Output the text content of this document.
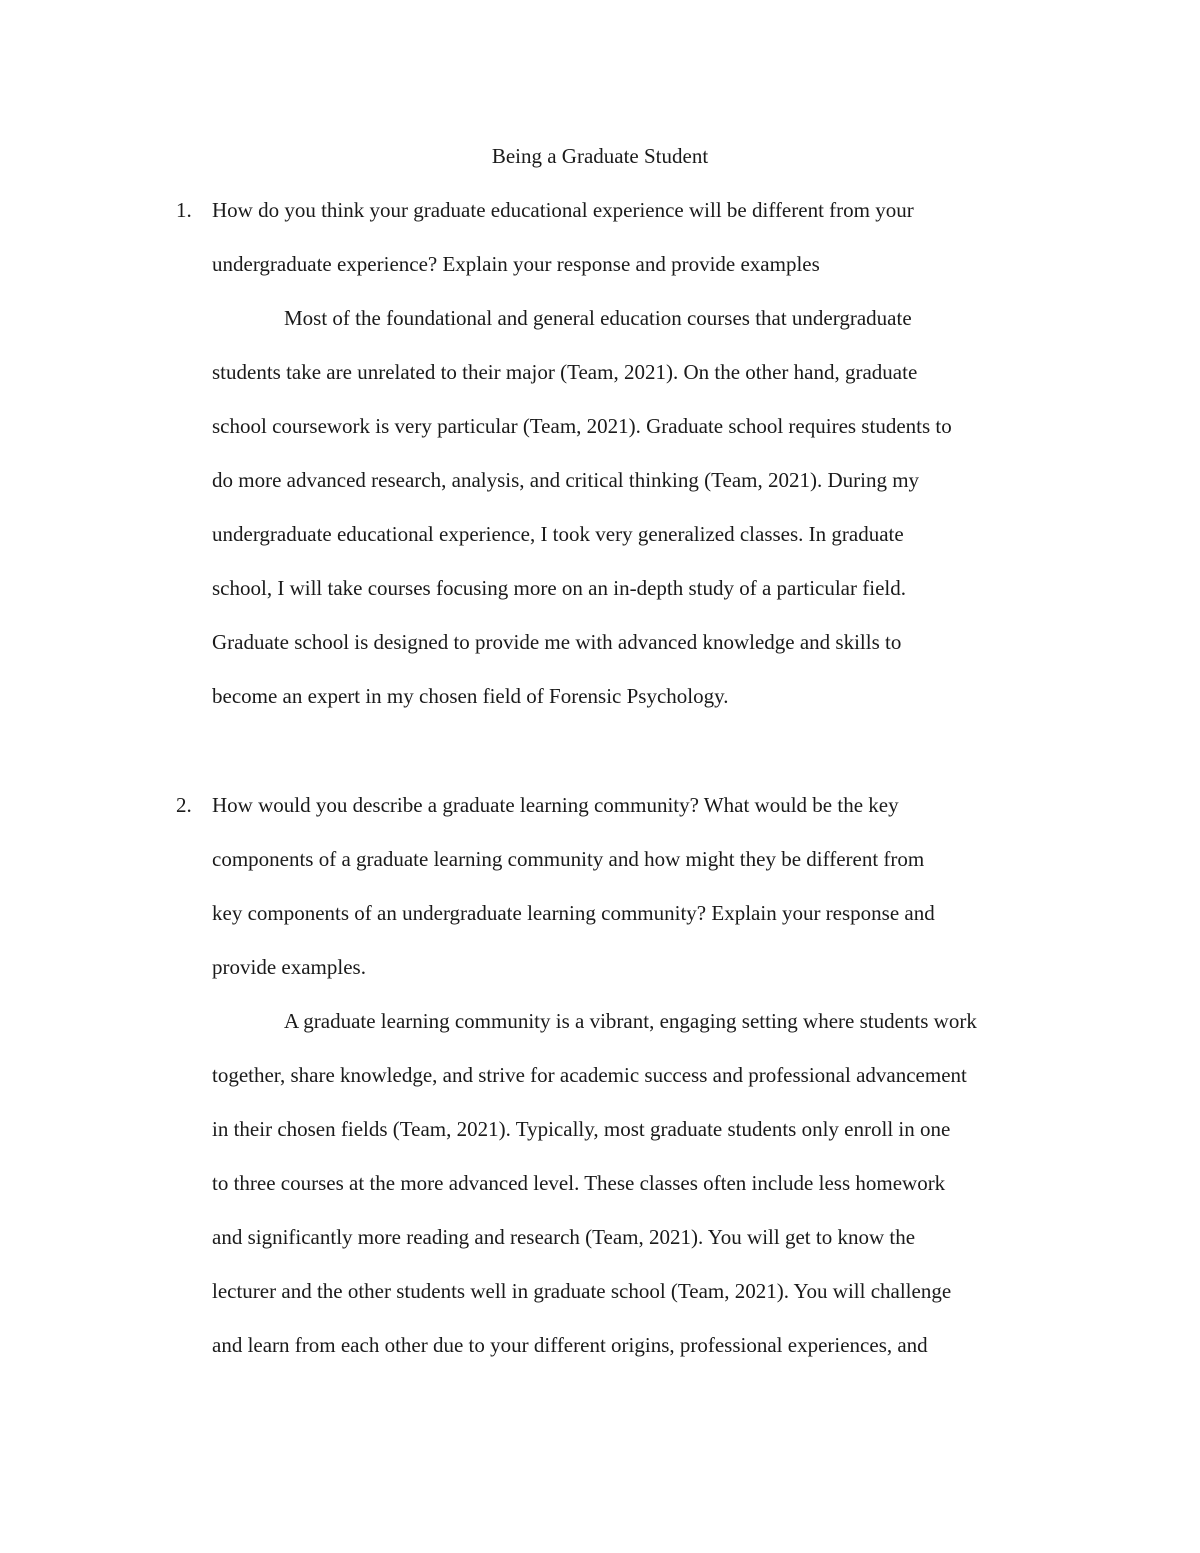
Being a Graduate Student

1. How do you think your graduate educational experience will be different from your

undergraduate experience? Explain your response and provide examples

Most of the foundational and general education courses that undergraduate

students take are unrelated to their major (Team, 2021). On the other hand, graduate

school coursework is very particular (Team, 2021). Graduate school requires students to

do more advanced research, analysis, and critical thinking (Team, 2021). During my

undergraduate educational experience, I took very generalized classes. In graduate

school, I will take courses focusing more on an in-depth study of a particular field.

Graduate school is designed to provide me with advanced knowledge and skills to

become an expert in my chosen field of Forensic Psychology.

2. How would you describe a graduate learning community? What would be the key

components of a graduate learning community and how might they be different from

key components of an undergraduate learning community? Explain your response and

provide examples.

A graduate learning community is a vibrant, engaging setting where students work

together, share knowledge, and strive for academic success and professional advancement

in their chosen fields (Team, 2021). Typically, most graduate students only enroll in one

to three courses at the more advanced level. These classes often include less homework

and significantly more reading and research (Team, 2021). You will get to know the

lecturer and the other students well in graduate school (Team, 2021). You will challenge

and learn from each other due to your different origins, professional experiences, and
